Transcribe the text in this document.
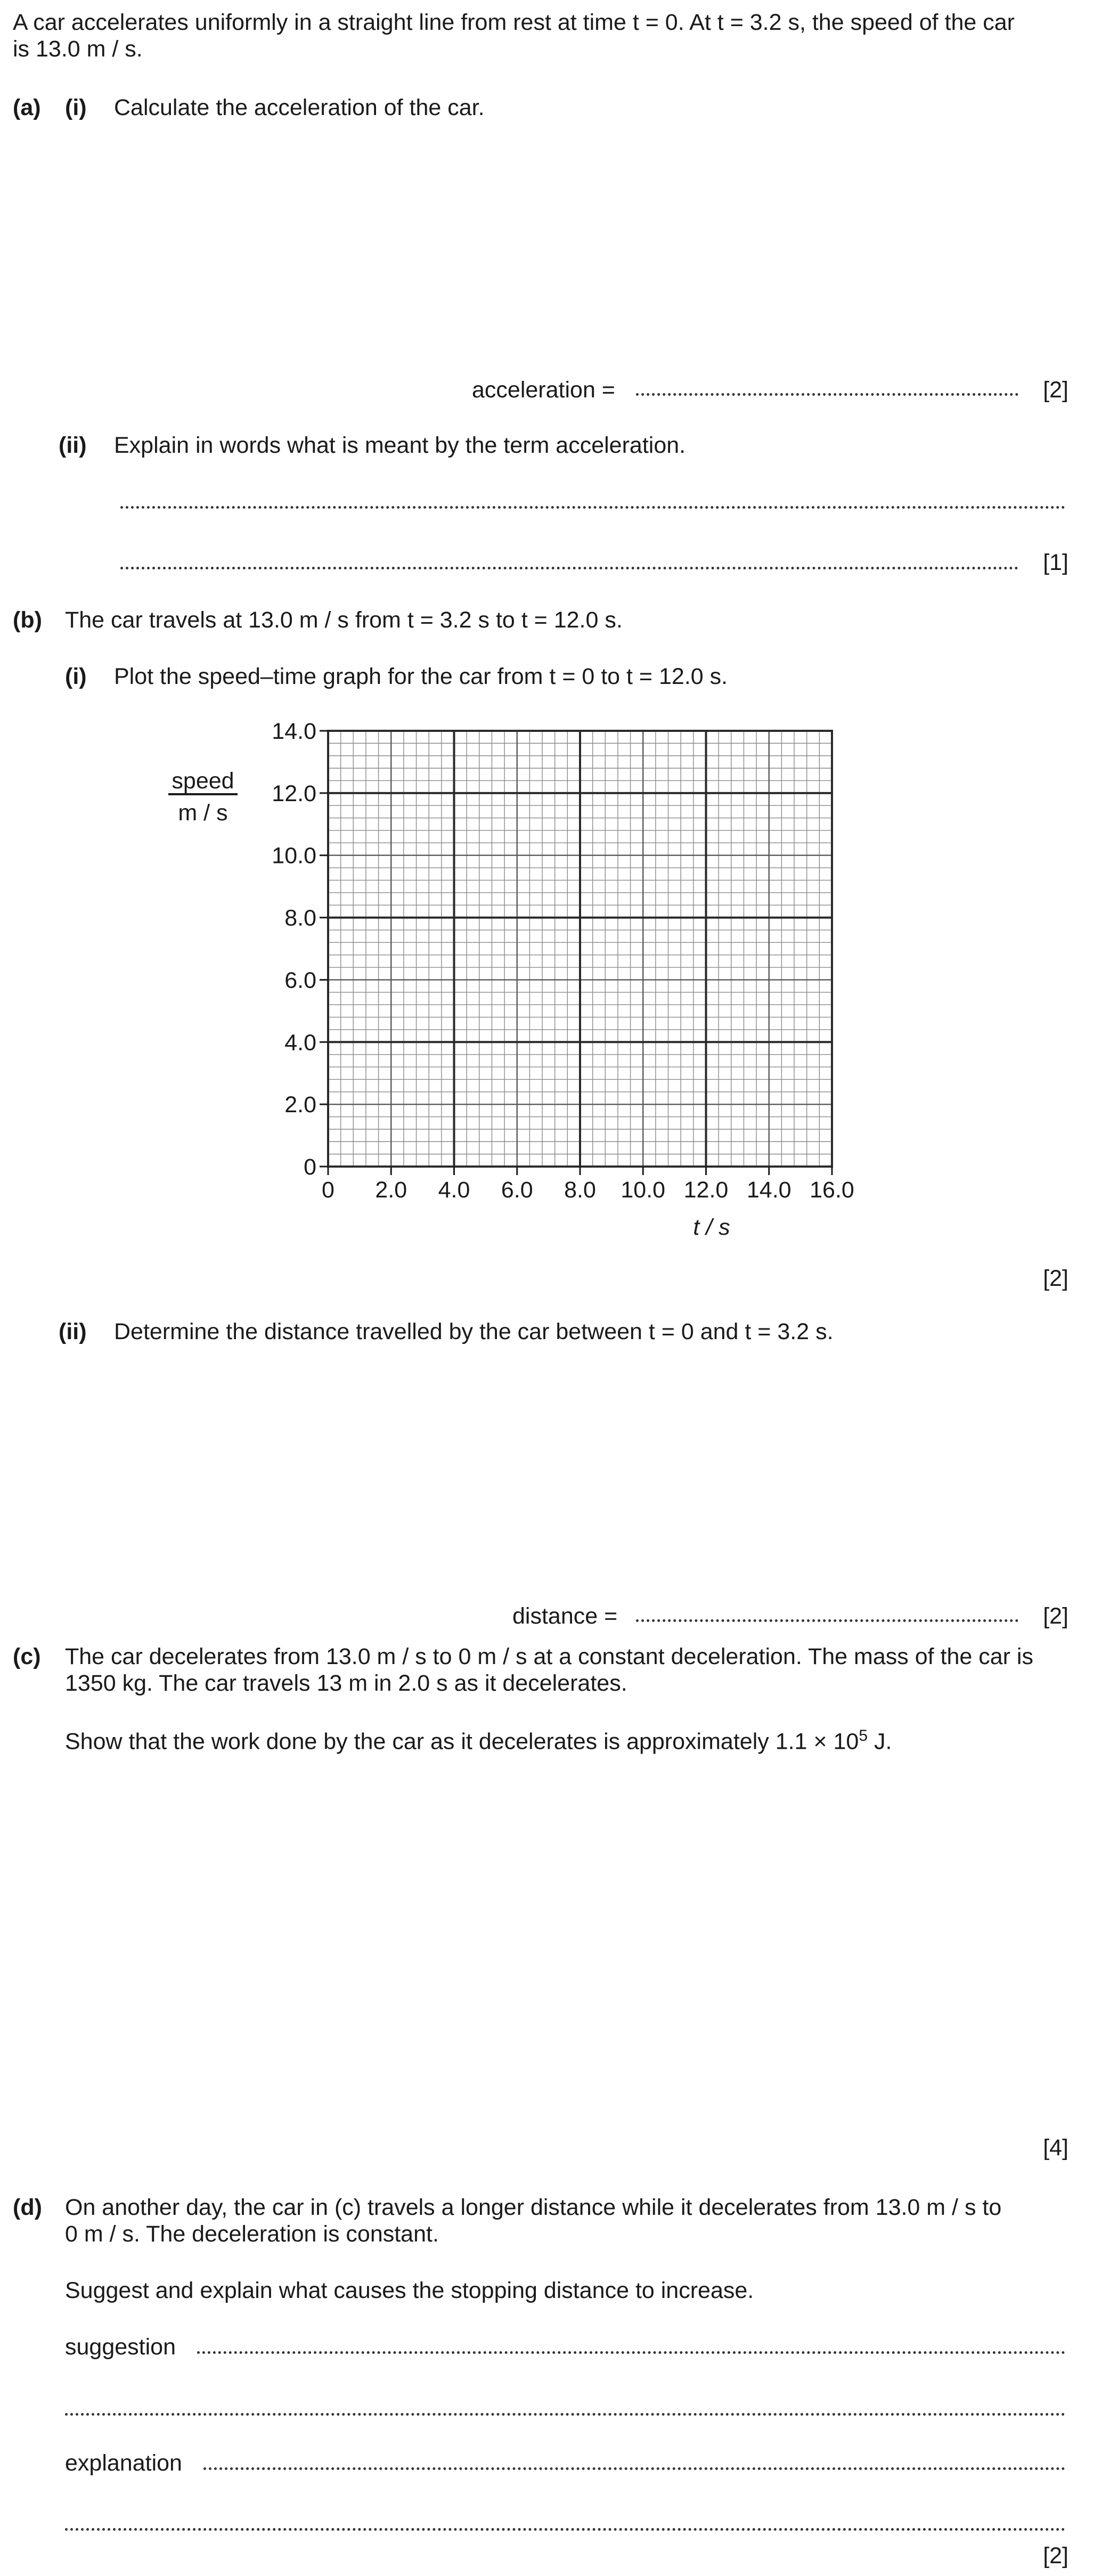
A car accelerates uniformly in a straight line from rest at time t = 0. At t = 3.2 s, the speed of the car
is 13.0 m / s.
(a) (i) Calculate the acceleration of the car.
acceleration =	[2]
(ii) Explain in words what is meant by the term acceleration.
[1]
(b) The car travels at 13.0 m / s from t = 3.2 s to t = 12.0 s.
(i) Plot the speed–time graph for the car from t = 0 to t = 12.0 s.
0 2.0 4.0 6.0 8.0 10.0 12.0 14.0 16.0
0
2.0
4.0
6.0
8.0
10.0
12.0
14.0
speed
m / s
t / s
[2]
(ii) Determine the distance travelled by the car between t = 0 and t = 3.2 s.
distance =	[2]
(c) The car decelerates from 13.0 m / s to 0 m / s at a constant deceleration. The mass of the car is
1350 kg. The car travels 13 m in 2.0 s as it decelerates.
Show that the work done by the car as it decelerates is approximately $1.1 \times 10^5$ J.
[4]
(d) On another day, the car in (c) travels a longer distance while it decelerates from 13.0 m / s to
0 m / s. The deceleration is constant.
Suggest and explain what causes the stopping distance to increase.
suggestion
explanation
[2]
